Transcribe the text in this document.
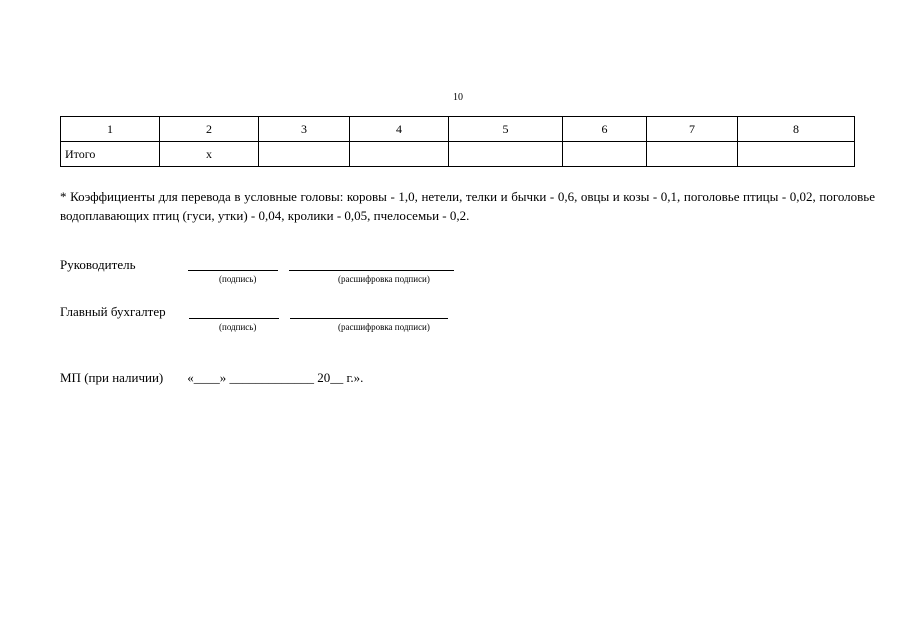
10
1	2	3	4	5	6	7	8
Итого	х						
* Коэффициенты для перевода в условные головы: коровы - 1,0, нетели, телки и бычки - 0,6, овцы и козы - 0,1, поголовье птицы - 0,02, поголовье водоплавающих птиц (гуси, утки) - 0,04, кролики - 0,05, пчелосемьи - 0,2.
Руководитель
(подпись)	(расшифровка подписи)
Главный бухгалтер
(подпись)	(расшифровка подписи)
МП (при наличии) «____» _____________ 20__ г.».
